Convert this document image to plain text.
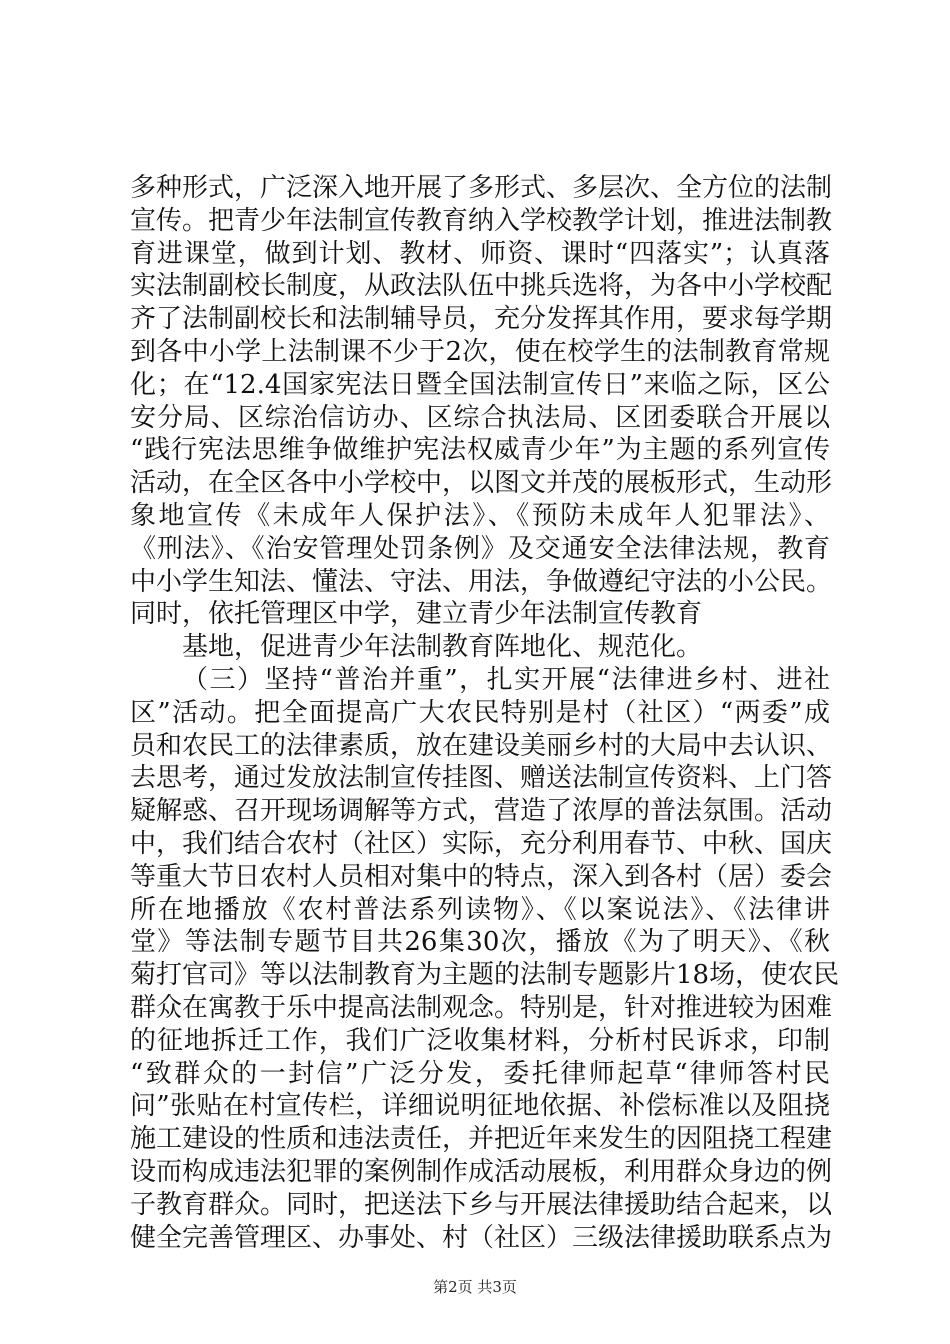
多种形式，广泛深入地开展了多形式、多层次、全方位的法制
宣传。把青少年法制宣传教育纳入学校教学计划，推进法制教
育进课堂，做到计划、教材、师资、课时“四落实”；认真落
实法制副校长制度，从政法队伍中挑兵选将，为各中小学校配
齐了法制副校长和法制辅导员，充分发挥其作用，要求每学期
到各中小学上法制课不少于2次，使在校学生的法制教育常规
化；在“12.4国家宪法日暨全国法制宣传日”来临之际，区公
安分局、区综治信访办、区综合执法局、区团委联合开展以
“践行宪法思维争做维护宪法权威青少年”为主题的系列宣传
活动，在全区各中小学校中，以图文并茂的展板形式，生动形
象地宣传《未成年人保护法》、《预防未成年人犯罪法》、
《刑法》、《治安管理处罚条例》及交通安全法律法规，教育
中小学生知法、懂法、守法、用法，争做遵纪守法的小公民。
同时，依托管理区中学，建立青少年法制宣传教育
基地，促进青少年法制教育阵地化、规范化。
（三）坚持“普治并重”，扎实开展“法律进乡村、进社
区”活动。把全面提高广大农民特别是村（社区）“两委”成
员和农民工的法律素质，放在建设美丽乡村的大局中去认识、
去思考，通过发放法制宣传挂图、赠送法制宣传资料、上门答
疑解惑、召开现场调解等方式，营造了浓厚的普法氛围。活动
中，我们结合农村（社区）实际，充分利用春节、中秋、国庆
等重大节日农村人员相对集中的特点，深入到各村（居）委会
所在地播放《农村普法系列读物》、《以案说法》、《法律讲
堂》等法制专题节目共26集30次，播放《为了明天》、《秋
菊打官司》等以法制教育为主题的法制专题影片18场，使农民
群众在寓教于乐中提高法制观念。特别是，针对推进较为困难
的征地拆迁工作，我们广泛收集材料，分析村民诉求，印制
“致群众的一封信”广泛分发，委托律师起草“律师答村民
问”张贴在村宣传栏，详细说明征地依据、补偿标准以及阻挠
施工建设的性质和违法责任，并把近年来发生的因阻挠工程建
设而构成违法犯罪的案例制作成活动展板，利用群众身边的例
子教育群众。同时，把送法下乡与开展法律援助结合起来，以
健全完善管理区、办事处、村（社区）三级法律援助联系点为
第2页 共3页
